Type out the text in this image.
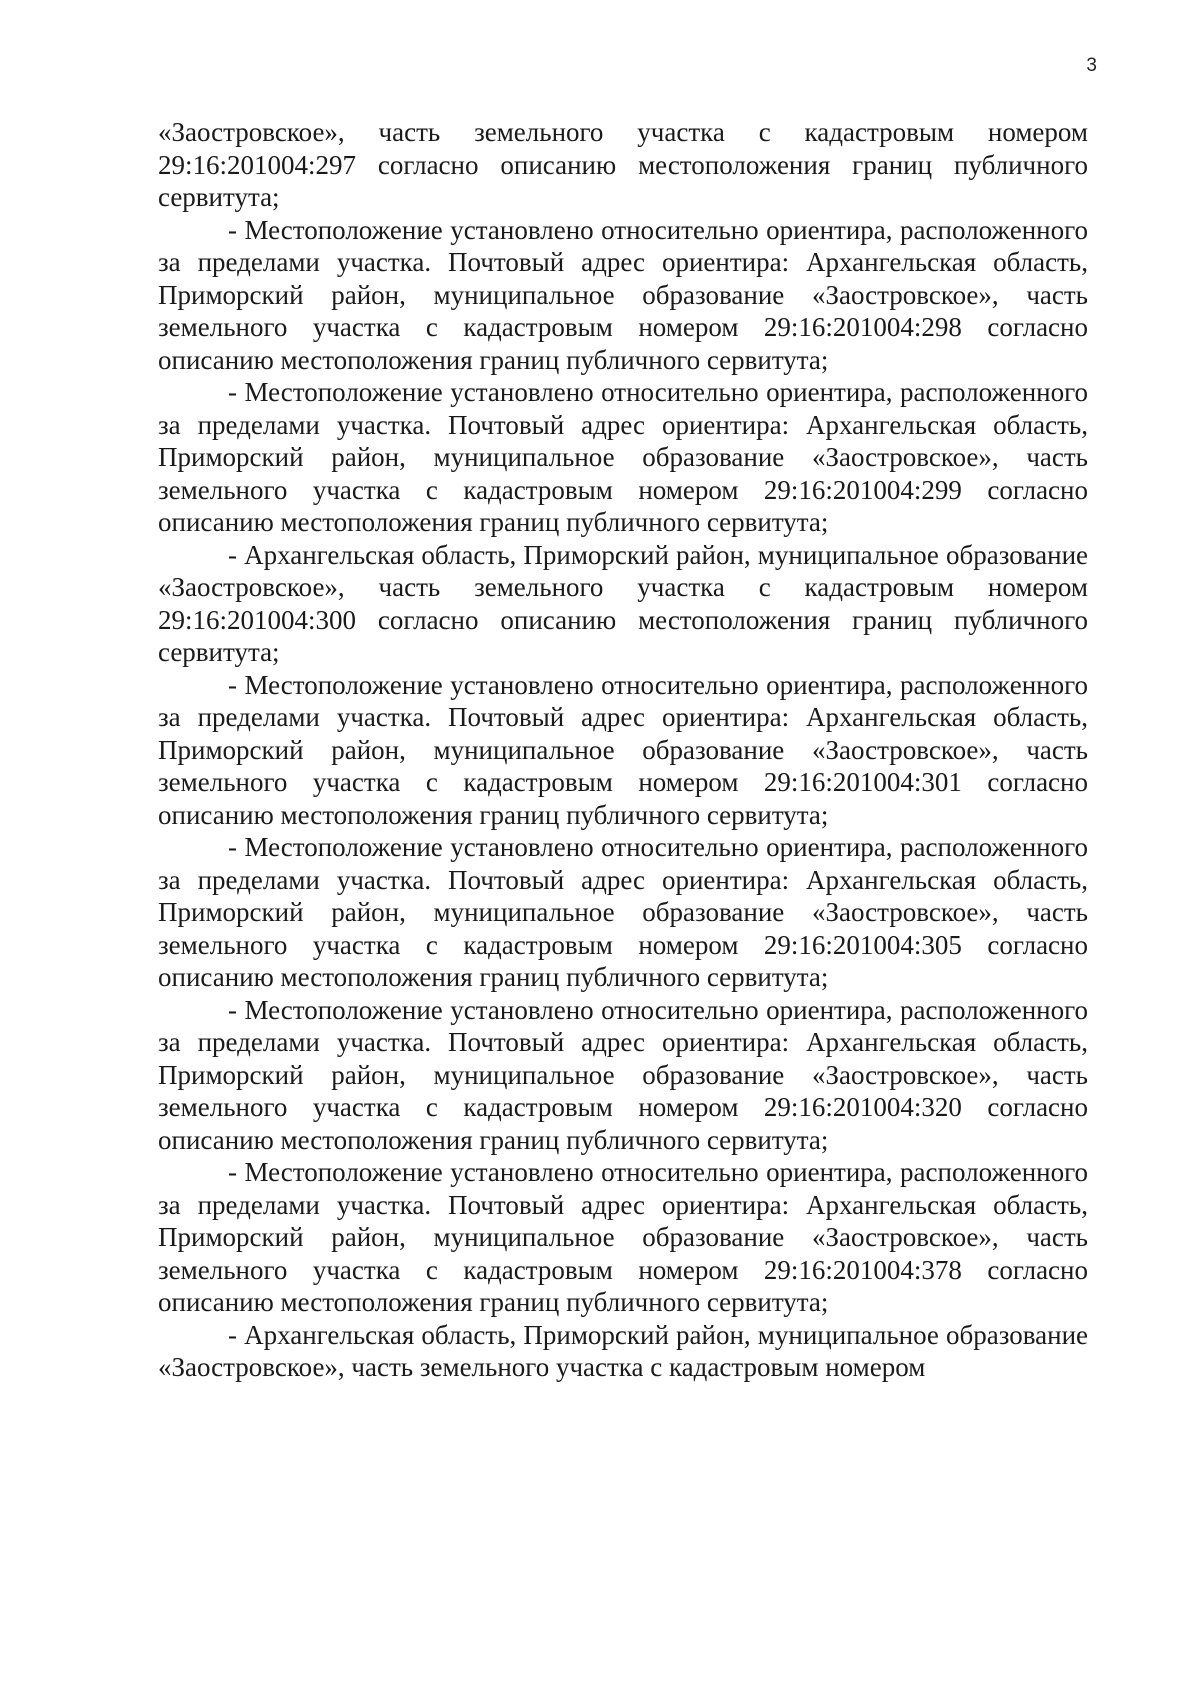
3

«Заостровское», часть земельного участка с кадастровым номером 29:16:201004:297 согласно описанию местоположения границ публичного сервитута;

- Местоположение установлено относительно ориентира, расположенного за пределами участка. Почтовый адрес ориентира: Архангельская область, Приморский район, муниципальное образование «Заостровское», часть земельного участка с кадастровым номером 29:16:201004:298 согласно описанию местоположения границ публичного сервитута;

- Местоположение установлено относительно ориентира, расположенного за пределами участка. Почтовый адрес ориентира: Архангельская область, Приморский район, муниципальное образование «Заостровское», часть земельного участка с кадастровым номером 29:16:201004:299 согласно описанию местоположения границ публичного сервитута;

- Архангельская область, Приморский район, муниципальное образование «Заостровское», часть земельного участка с кадастровым номером 29:16:201004:300 согласно описанию местоположения границ публичного сервитута;

- Местоположение установлено относительно ориентира, расположенного за пределами участка. Почтовый адрес ориентира: Архангельская область, Приморский район, муниципальное образование «Заостровское», часть земельного участка с кадастровым номером 29:16:201004:301 согласно описанию местоположения границ публичного сервитута;

- Местоположение установлено относительно ориентира, расположенного за пределами участка. Почтовый адрес ориентира: Архангельская область, Приморский район, муниципальное образование «Заостровское», часть земельного участка с кадастровым номером 29:16:201004:305 согласно описанию местоположения границ публичного сервитута;

- Местоположение установлено относительно ориентира, расположенного за пределами участка. Почтовый адрес ориентира: Архангельская область, Приморский район, муниципальное образование «Заостровское», часть земельного участка с кадастровым номером 29:16:201004:320 согласно описанию местоположения границ публичного сервитута;

- Местоположение установлено относительно ориентира, расположенного за пределами участка. Почтовый адрес ориентира: Архангельская область, Приморский район, муниципальное образование «Заостровское», часть земельного участка с кадастровым номером 29:16:201004:378 согласно описанию местоположения границ публичного сервитута;

- Архангельская область, Приморский район, муниципальное образование «Заостровское», часть земельного участка с кадастровым номером
